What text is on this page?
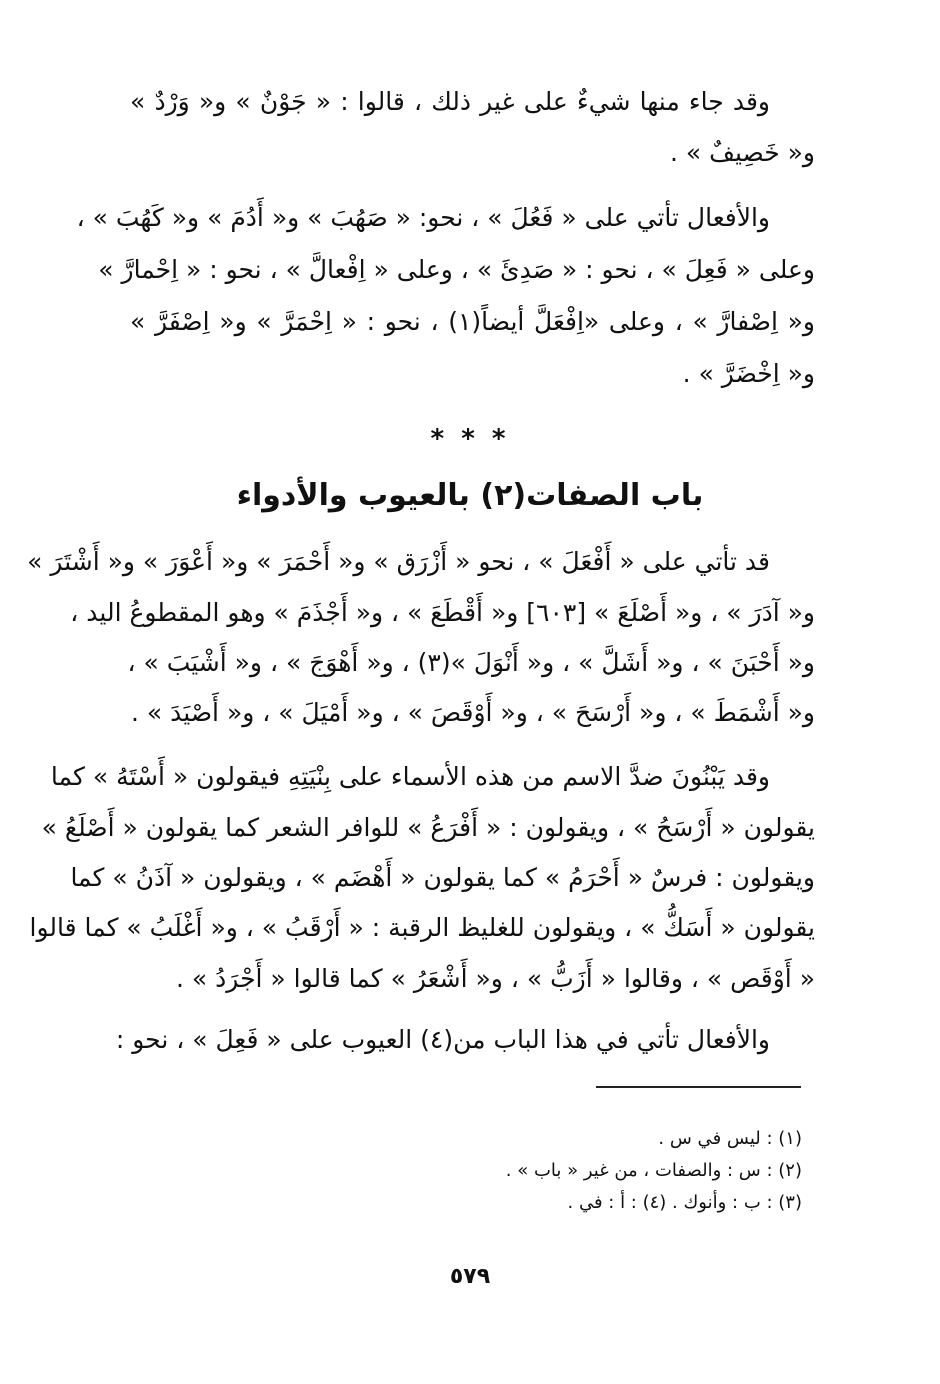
وقد جاء منها شيءٌ على غير ذلك ، قالوا : « جَوْنٌ » و« وَرْدٌ »
و« خَصِيفٌ » .
والأفعال تأتي على « فَعُلَ » ، نحو: « صَهُبَ » و« أَدُمَ » و« كَهُبَ » ،
وعلى « فَعِلَ » ، نحو : « صَدِئَ » ، وعلى « اِفْعالَّ » ، نحو : « اِحْمارَّ »
و« اِصْفارَّ » ، وعلى «اِفْعَلَّ أيضاً(١) ، نحو : « اِحْمَرَّ » و« اِصْفَرَّ »
و« اِخْضَرَّ » .
* * *
باب الصفات(٢) بالعيوب والأدواء
قد تأتي على « أَفْعَلَ » ، نحو « أَزْرَق » و« أَحْمَرَ » و« أَعْوَرَ » و« أَشْتَرَ »
و« آدَرَ » ، و« أَصْلَعَ » [٦٠٣] و« أَقْطَعَ » ، و« أَجْذَمَ » وهو المقطوعُ اليد ،
و« أَحْبَنَ » ، و« أَشَلَّ » ، و« أَنْوَلَ »(٣) ، و« أَهْوَجَ » ، و« أَشْيَبَ » ،
و« أَشْمَطَ » ، و« أَرْسَحَ » ، و« أَوْقَصَ » ، و« أَمْيَلَ » ، و« أَصْيَدَ » .
وقد يَبْنُونَ ضدَّ الاسم من هذه الأسماء على بِنْيَتِهِ فيقولون « أَسْتَهُ » كما
يقولون « أَرْسَحُ » ، ويقولون : « أَفْرَعُ » للوافر الشعر كما يقولون « أَصْلَعُ »
ويقولون : فرسٌ « أَحْرَمُ » كما يقولون « أَهْضَم » ، ويقولون « آذَنُ » كما
يقولون « أَسَكُّ » ، ويقولون للغليظ الرقبة : « أَرْقَبُ » ، و« أَغْلَبُ » كما قالوا
« أَوْقَص » ، وقالوا « أَزَبُّ » ، و« أَشْعَرُ » كما قالوا « أَجْرَدُ » .
والأفعال تأتي في هذا الباب من(٤) العيوب على « فَعِلَ » ، نحو :
(١) : ليس في س .
(٢) : س : والصفات ، من غير « باب » .
(٣) : ب : وأنوك . (٤) : أ : في .
٥٧٩
